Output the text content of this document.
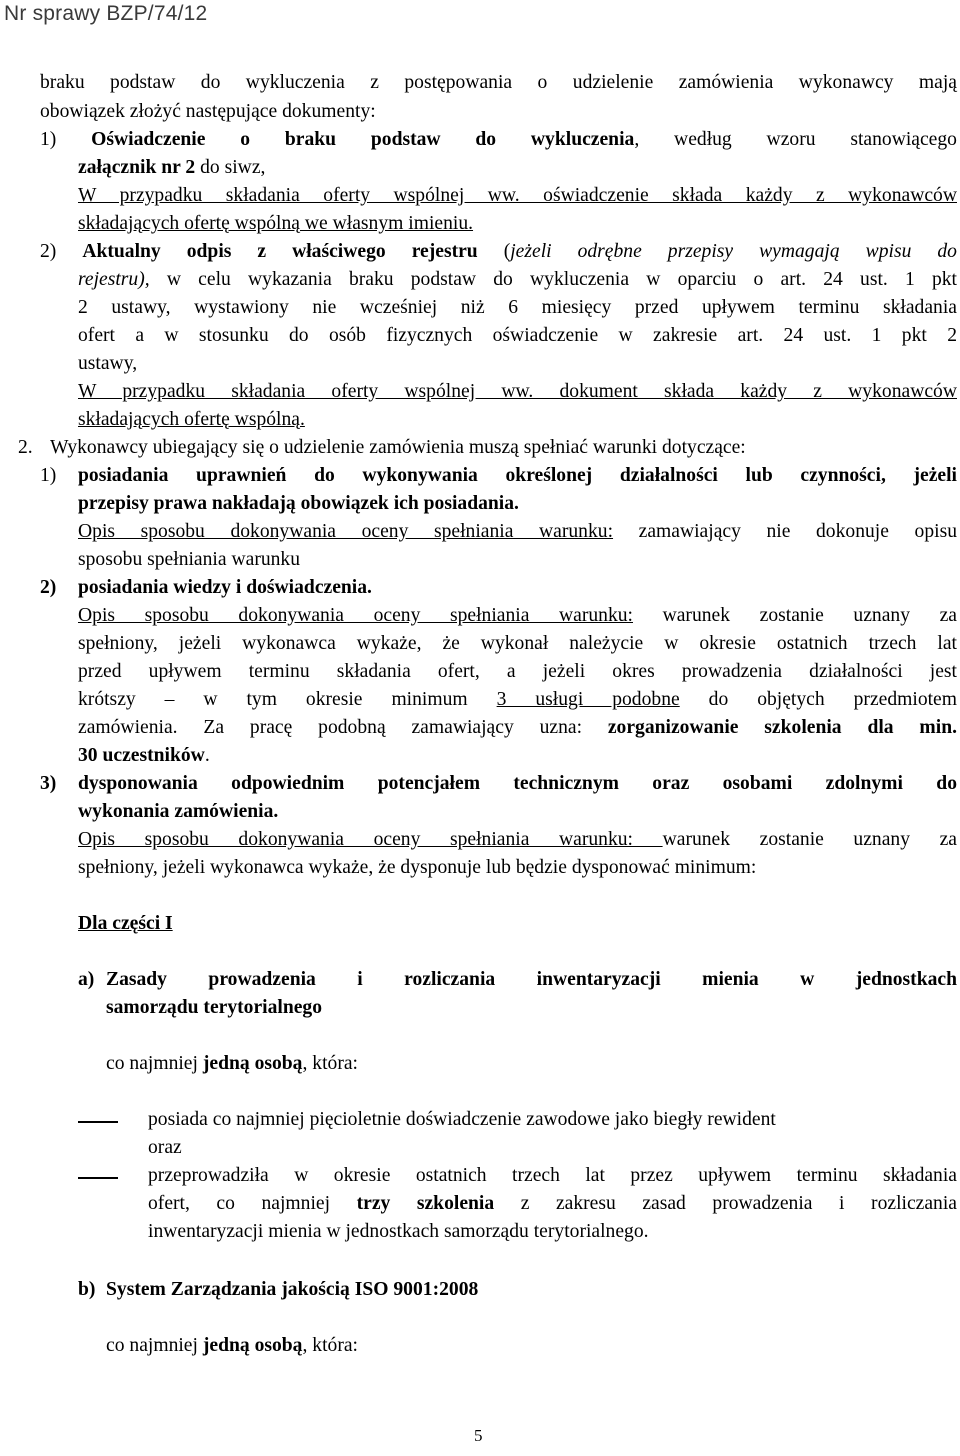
Nr sprawy BZP/74/12
braku podstaw do wykluczenia z postępowania o udzielenie zamówienia wykonawcy mają
obowiązek złożyć następujące dokumenty:
1) Oświadczenie o braku podstaw do wykluczenia, według wzoru stanowiącego
załącznik nr 2 do siwz,
W przypadku składania oferty wspólnej ww. oświadczenie składa każdy z wykonawców
składających ofertę wspólną we własnym imieniu.
2) Aktualny odpis z właściwego rejestru (jeżeli odrębne przepisy wymagają wpisu do
rejestru), w celu wykazania braku podstaw do wykluczenia w oparciu o art. 24 ust. 1 pkt
2 ustawy, wystawiony nie wcześniej niż 6 miesięcy przed upływem terminu składania
ofert a w stosunku do osób fizycznych oświadczenie w zakresie art. 24 ust. 1 pkt 2
ustawy,
W przypadku składania oferty wspólnej ww. dokument składa każdy z wykonawców
składających ofertę wspólną.
2. Wykonawcy ubiegający się o udzielenie zamówienia muszą spełniać warunki dotyczące:
1) posiadania uprawnień do wykonywania określonej działalności lub czynności, jeżeli
przepisy prawa nakładają obowiązek ich posiadania.
Opis sposobu dokonywania oceny spełniania warunku: zamawiający nie dokonuje opisu
sposobu spełniania warunku
2) posiadania wiedzy i doświadczenia.
Opis sposobu dokonywania oceny spełniania warunku: warunek zostanie uznany za
spełniony, jeżeli wykonawca wykaże, że wykonał należycie w okresie ostatnich trzech lat
przed upływem terminu składania ofert, a jeżeli okres prowadzenia działalności jest
krótszy – w tym okresie minimum 3 usługi podobne do objętych przedmiotem
zamówienia. Za pracę podobną zamawiający uzna: zorganizowanie szkolenia dla min.
30 uczestników.
3) dysponowania odpowiednim potencjałem technicznym oraz osobami zdolnymi do
wykonania zamówienia.
Opis sposobu dokonywania oceny spełniania warunku: warunek zostanie uznany za
spełniony, jeżeli wykonawca wykaże, że dysponuje lub będzie dysponować minimum:
Dla części I
a) Zasady prowadzenia i rozliczania inwentaryzacji mienia w jednostkach
samorządu terytorialnego
co najmniej jedną osobą, która:
posiada co najmniej pięcioletnie doświadczenie zawodowe jako biegły rewident
oraz
przeprowadziła w okresie ostatnich trzech lat przez upływem terminu składania
ofert, co najmniej trzy szkolenia z zakresu zasad prowadzenia i rozliczania
inwentaryzacji mienia w jednostkach samorządu terytorialnego.
b) System Zarządzania jakością ISO 9001:2008
co najmniej jedną osobą, która:
5
